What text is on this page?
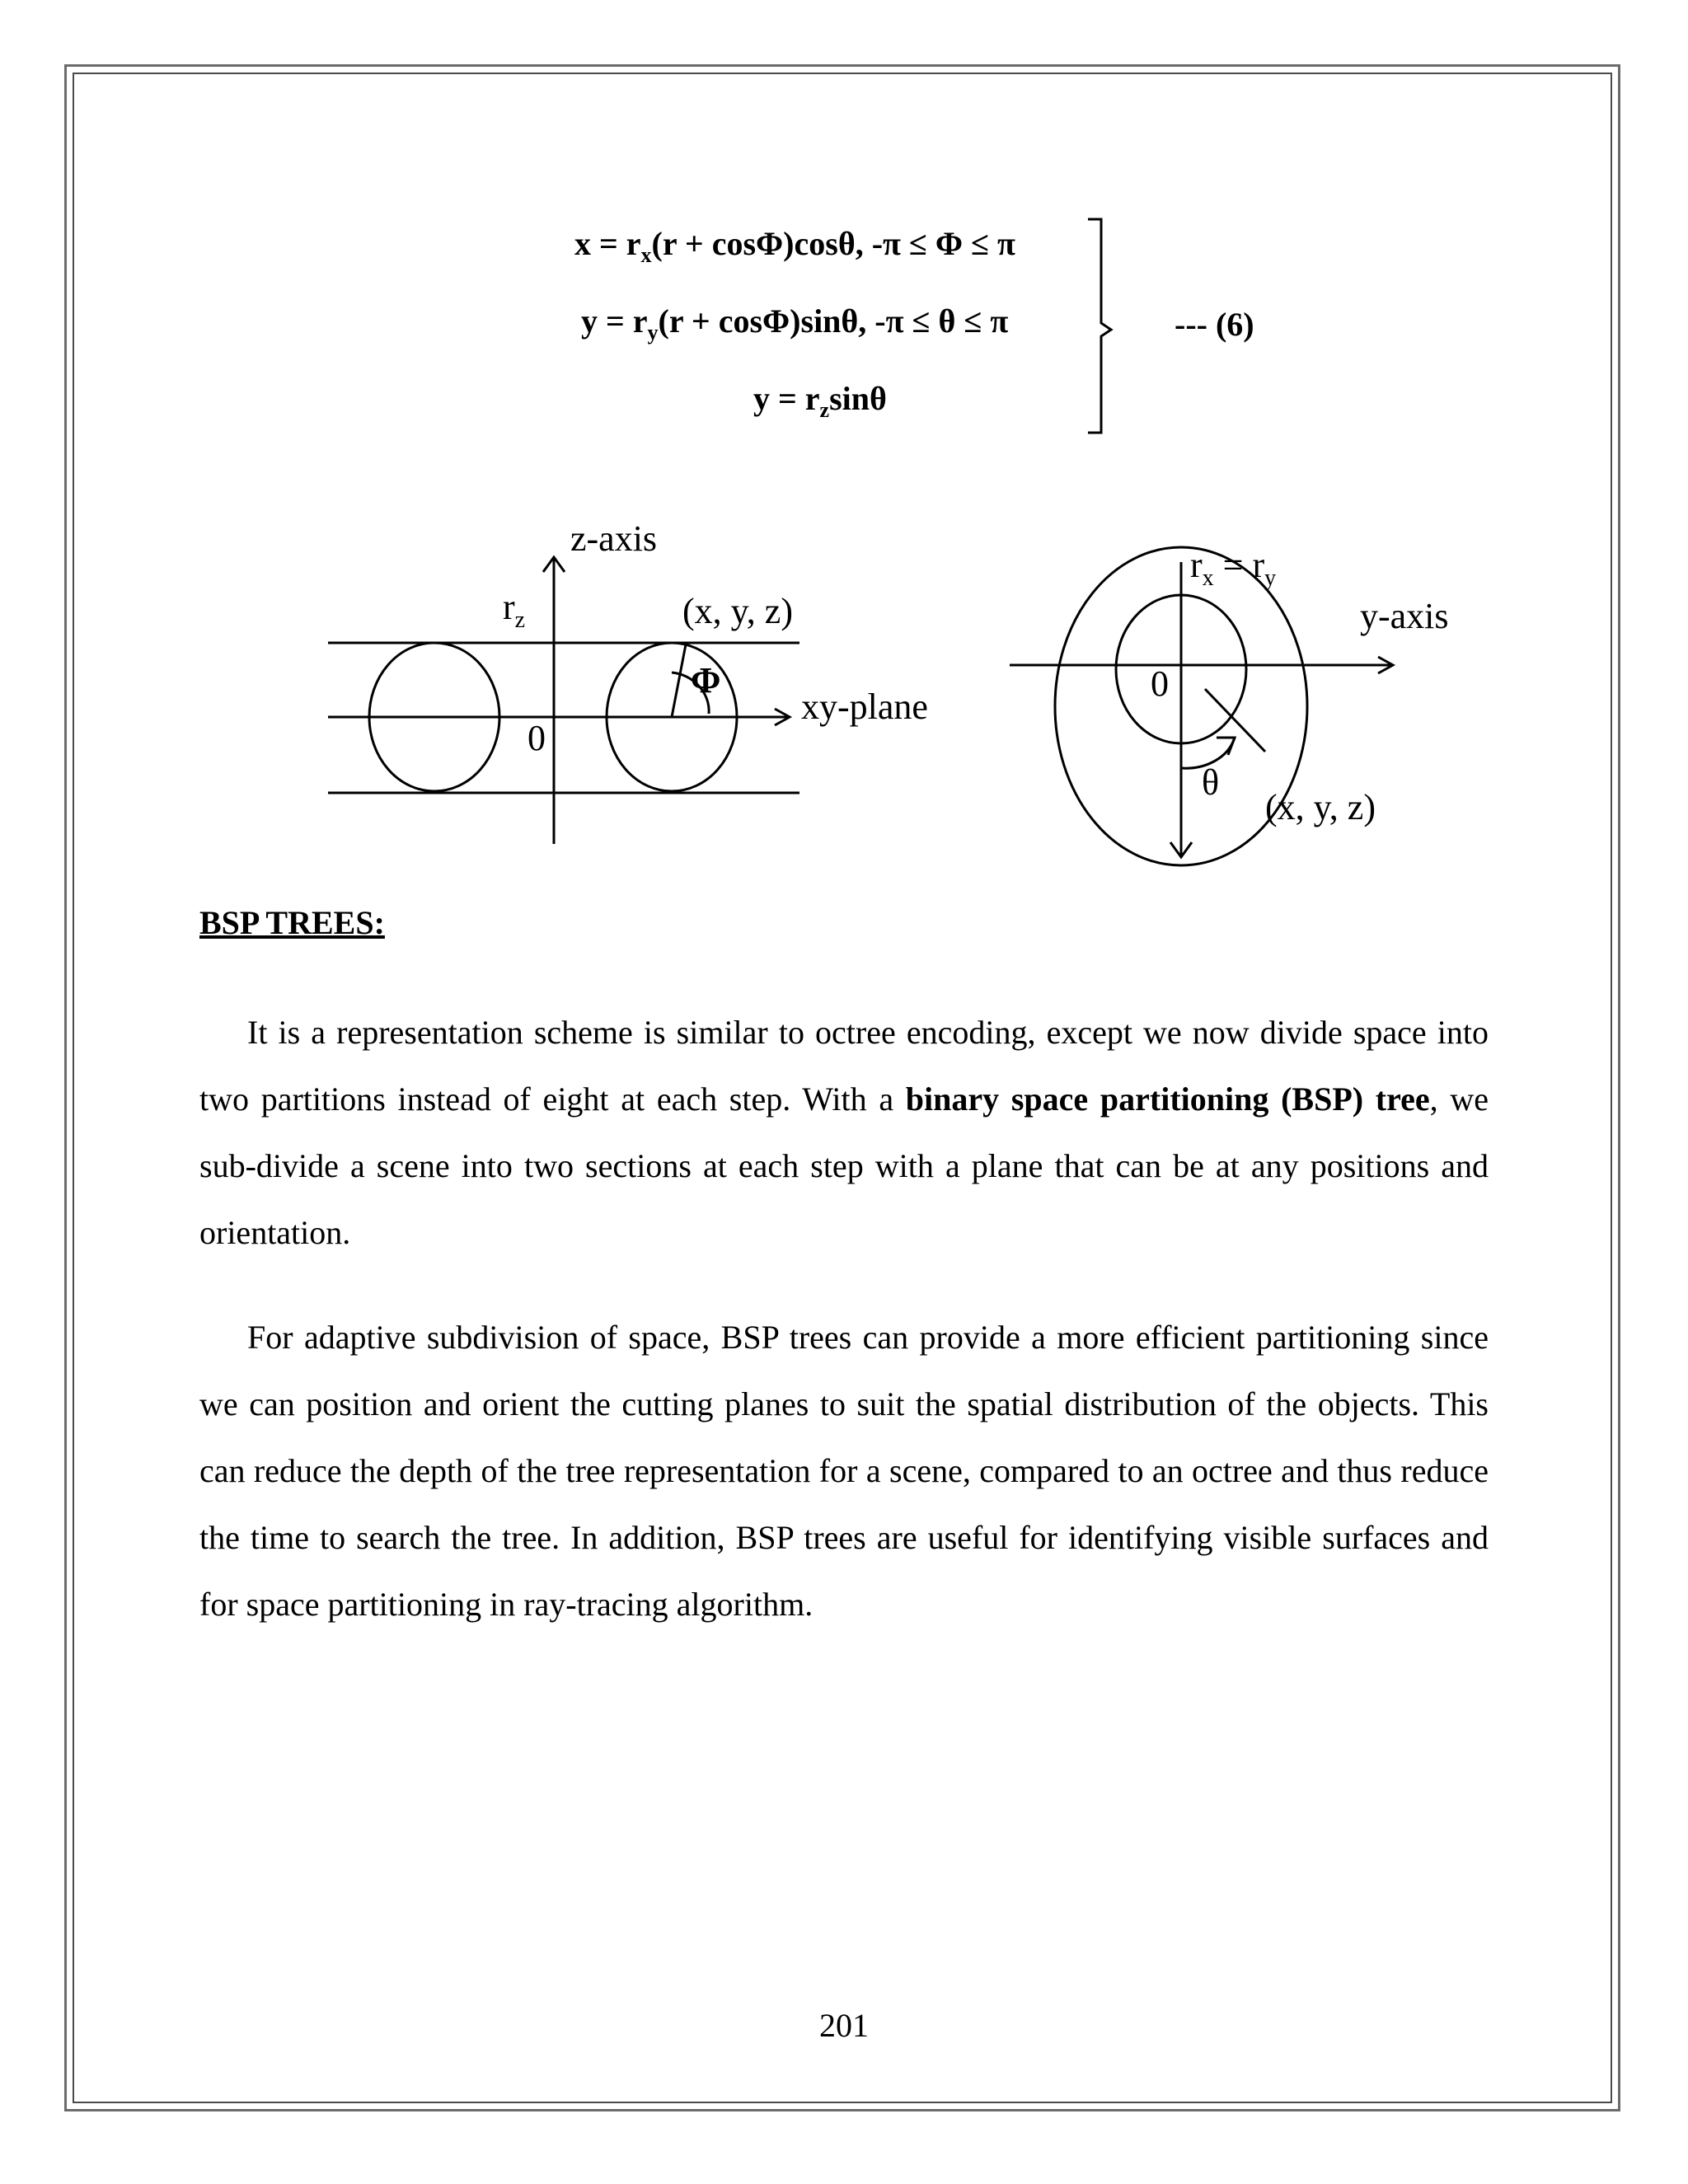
$x = r_x(r + \cos\Phi)\cos\theta$, -π ≤ Φ ≤ π
$y = r_y(r + \cos\Phi)\sin\theta$, -π ≤ θ ≤ π
$y = r_z\sin\theta$
--- (6)
z-axis
$r_z$	(x, y, z)
Φ
xy-plane
0
$r_x = r_y$
y-axis
0
θ
(x, y, z)
BSP TREES:

It is a representation scheme is similar to octree encoding, except we now divide space into two partitions instead of eight at each step. With a binary space partitioning (BSP) tree, we sub-divide a scene into two sections at each step with a plane that can be at any positions and orientation.

For adaptive subdivision of space, BSP trees can provide a more efficient partitioning since we can position and orient the cutting planes to suit the spatial distribution of the objects. This can reduce the depth of the tree representation for a scene, compared to an octree and thus reduce the time to search the tree. In addition, BSP trees are useful for identifying visible surfaces and for space partitioning in ray-tracing algorithm.

201
